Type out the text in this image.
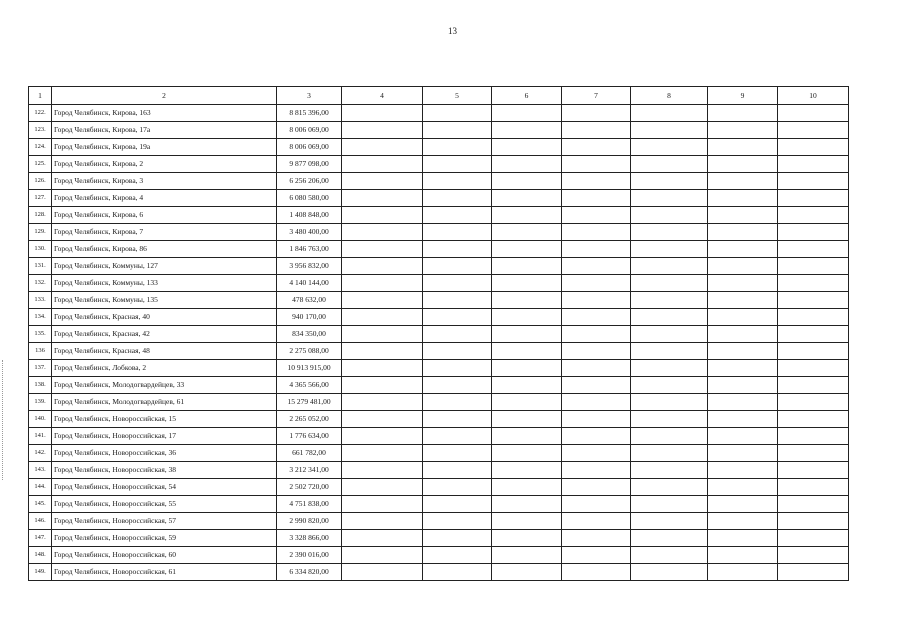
13
1	2	3	4	5	6	7	8	9	10
122.	Город Челябинск, Кирова, 163	8 815 396,00							
123.	Город Челябинск, Кирова, 17а	8 006 069,00							
124.	Город Челябинск, Кирова, 19а	8 006 069,00							
125.	Город Челябинск, Кирова, 2	9 877 098,00							
126.	Город Челябинск, Кирова, 3	6 256 206,00							
127.	Город Челябинск, Кирова, 4	6 080 580,00							
128.	Город Челябинск, Кирова, 6	1 408 848,00							
129.	Город Челябинск, Кирова, 7	3 480 400,00							
130.	Город Челябинск, Кирова, 86	1 846 763,00							
131.	Город Челябинск, Коммуны, 127	3 956 832,00							
132.	Город Челябинск, Коммуны, 133	4 140 144,00							
133.	Город Челябинск, Коммуны, 135	478 632,00							
134.	Город Челябинск, Красная, 40	940 170,00							
135.	Город Челябинск, Красная, 42	834 350,00							
136	Город Челябинск, Красная, 48	2 275 088,00							
137.	Город Челябинск, Лобкова, 2	10 913 915,00							
138.	Город Челябинск, Молодогвардейцев, 33	4 365 566,00							
139.	Город Челябинск, Молодогвардейцев, 61	15 279 481,00							
140.	Город Челябинск, Новороссийская, 15	2 265 052,00							
141.	Город Челябинск, Новороссийская, 17	1 776 634,00							
142.	Город Челябинск, Новороссийская, 36	661 782,00							
143.	Город Челябинск, Новороссийская, 38	3 212 341,00							
144.	Город Челябинск, Новороссийская, 54	2 502 720,00							
145.	Город Челябинск, Новороссийская, 55	4 751 838,00							
146.	Город Челябинск, Новороссийская, 57	2 990 820,00							
147.	Город Челябинск, Новороссийская, 59	3 328 866,00							
148.	Город Челябинск, Новороссийская, 60	2 390 016,00							
149.	Город Челябинск, Новороссийская, 61	6 334 820,00							
